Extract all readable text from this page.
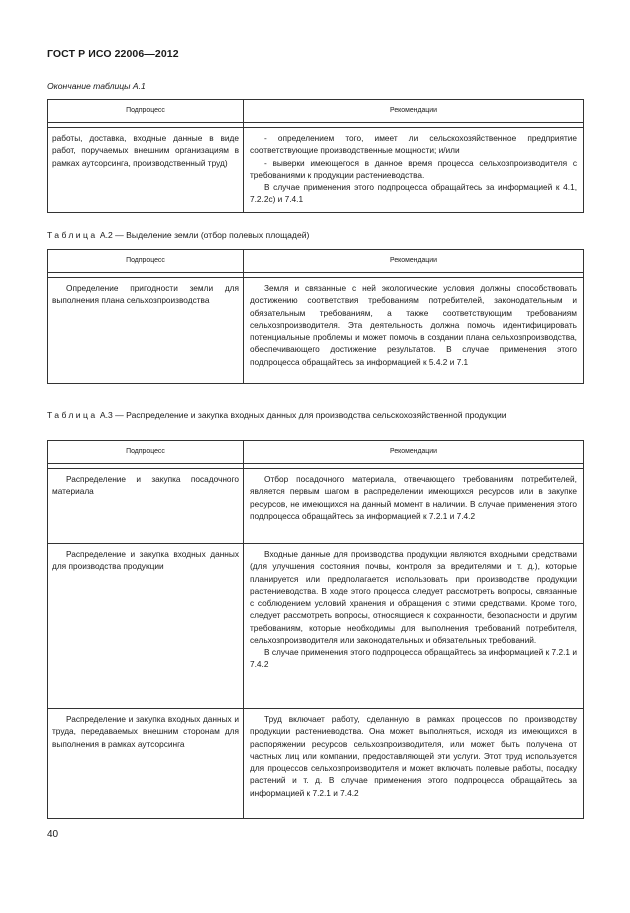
ГОСТ Р ИСО 22006—2012
Окончание таблицы А.1
Подпроцесс	Рекомендации

работы, доставка, входные данные в виде работ, поручаемых внешним организациям в рамках аутсорсинга, производственный труд)	- определением того, имеет ли сельскохозяйственное предприятие соответствующие производственные мощности; и/или

- выверки имеющегося в данное время процесса сельхозпроизводителя с требованиями к продукции растениеводства.

В случае применения этого подпроцесса обращайтесь за информацией к 4.1, 7.2.2c) и 7.4.1

Таблица А.2 — Выделение земли (отбор полевых площадей)
Подпроцесс	Рекомендации

Определение пригодности земли для выполнения плана сельхозпроизводства	Земля и связанные с ней экологические условия должны способствовать достижению соответствия требованиям потребителей, законодательным и обязательным требованиям, а также соответствующим требованиям сельхозпроизводителя. Эта деятельность должна помочь идентифицировать потенциальные проблемы и может помочь в создании плана сельхозпроизводства, обеспечивающего достижение результатов. В случае применения этого подпроцесса обращайтесь за информацией к 5.4.2 и 7.1

Таблица А.3 — Распределение и закупка входных данных для производства сельскохозяйственной продукции
Подпроцесс	Рекомендации

Распределение и закупка посадочного материала	Отбор посадочного материала, отвечающего требованиям потребителей, является первым шагом в распределении имеющихся ресурсов или в закупке ресурсов, не имеющихся на данный момент в наличии. В случае применения этого подпроцесса обращайтесь за информацией к 7.2.1 и 7.4.2

Распределение и закупка входных данных для производства продукции	Входные данные для производства продукции являются входными средствами (для улучшения состояния почвы, контроля за вредителями и т. д.), которые планируется или предполагается использовать при производстве продукции растениеводства. В ходе этого процесса следует рассмотреть вопросы, связанные с соблюдением условий хранения и обращения с этими средствами. Кроме того, следует рассмотреть вопросы, относящиеся к сохранности, безопасности и другим требованиям, которые необходимы для выполнения требований потребителя, сельхозпроизводителя или законодательных и обязательных требований.

В случае применения этого подпроцесса обращайтесь за информацией к 7.2.1 и 7.4.2

Распределение и закупка входных данных и труда, передаваемых внешним сторонам для выполнения в рамках аутсорсинга	Труд включает работу, сделанную в рамках процессов по производству продукции растениеводства. Она может выполняться, исходя из имеющихся в распоряжении ресурсов сельхозпроизводителя, или может быть получена от частных лиц или компании, предоставляющей эти услуги. Этот труд используется для процессов сельхозпроизводителя и может включать полевые работы, посадку растений и т. д. В случае применения этого подпроцесса обращайтесь за информацией к 7.2.1 и 7.4.2

40
